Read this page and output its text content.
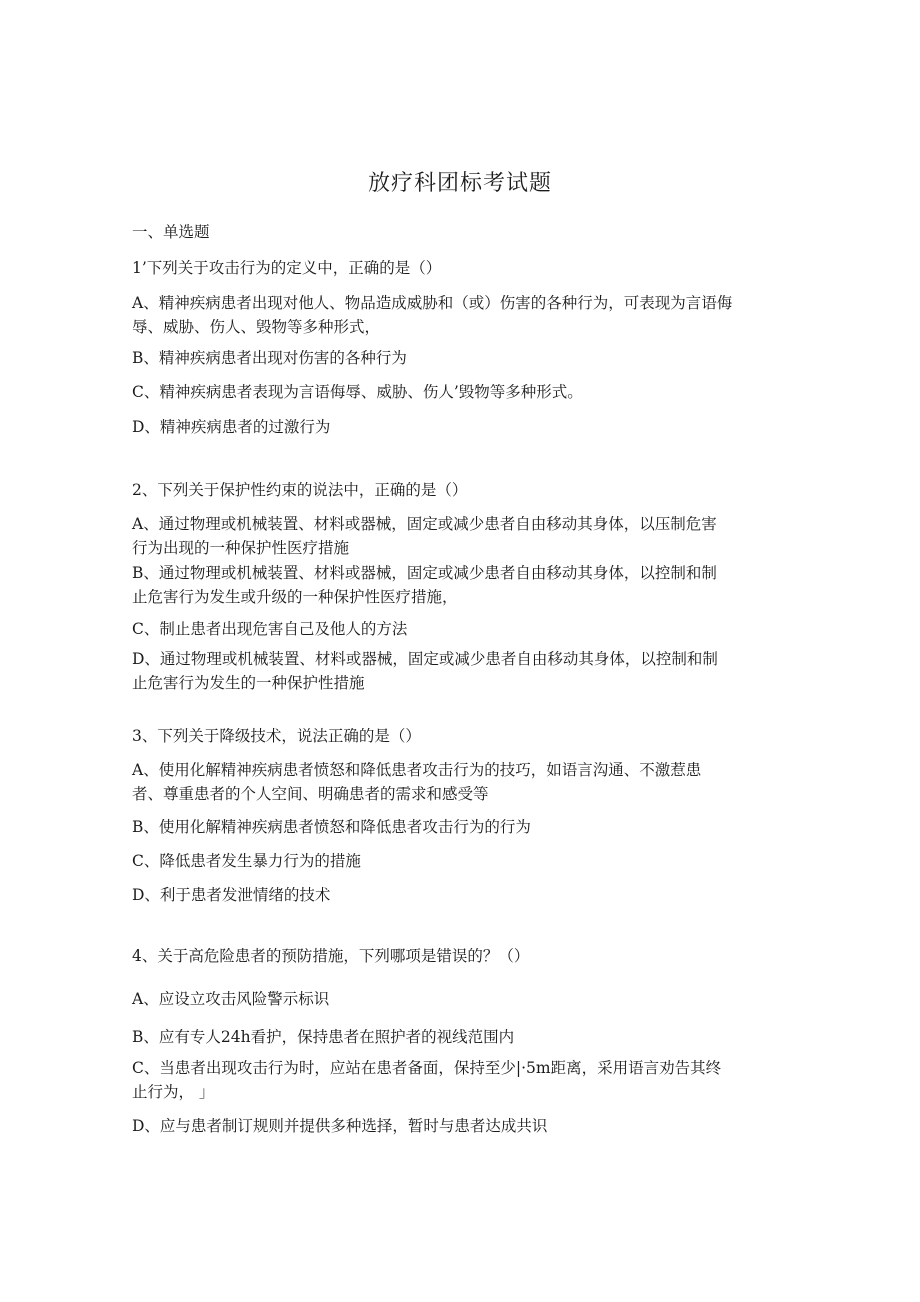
放疗科团标考试题
一、单选题
1’下列关于攻击行为的定义中，正确的是（）
A、精神疾病患者出现对他人、物品造成威胁和（或）伤害的各种行为，可表现为言语侮
辱、威胁、伤人、毁物等多种形式，
B、精神疾病患者出现对伤害的各种行为
C、精神疾病患者表现为言语侮辱、威胁、伤人’毁物等多种形式。
D、精神疾病患者的过激行为
2、下列关于保护性约束的说法中，正确的是（）
A、通过物理或机械装置、材料或器械，固定或减少患者自由移动其身体，以压制危害
行为出现的一种保护性医疗措施
B、通过物理或机械装置、材料或器械，固定或减少患者自由移动其身体，以控制和制
止危害行为发生或升级的一种保护性医疗措施，
C、制止患者出现危害自己及他人的方法
D、通过物理或机械装置、材料或器械，固定或减少患者自由移动其身体，以控制和制
止危害行为发生的一种保护性措施
3、下列关于降级技术，说法正确的是（）
A、使用化解精神疾病患者愤怒和降低患者攻击行为的技巧，如语言沟通、不激惹患
者、尊重患者的个人空间、明确患者的需求和感受等
B、使用化解精神疾病患者愤怒和降低患者攻击行为的行为
C、降低患者发生暴力行为的措施
D、利于患者发泄情绪的技术
4、关于高危险患者的预防措施，下列哪项是错误的？（）
A、应设立攻击风险警示标识
B、应有专人24h看护，保持患者在照护者的视线范围内
C、当患者出现攻击行为时，应站在患者备面，保持至少|·5m距离，采用语言劝告其终
止行为， 」
D、应与患者制订规则并提供多种选择，暂时与患者达成共识
